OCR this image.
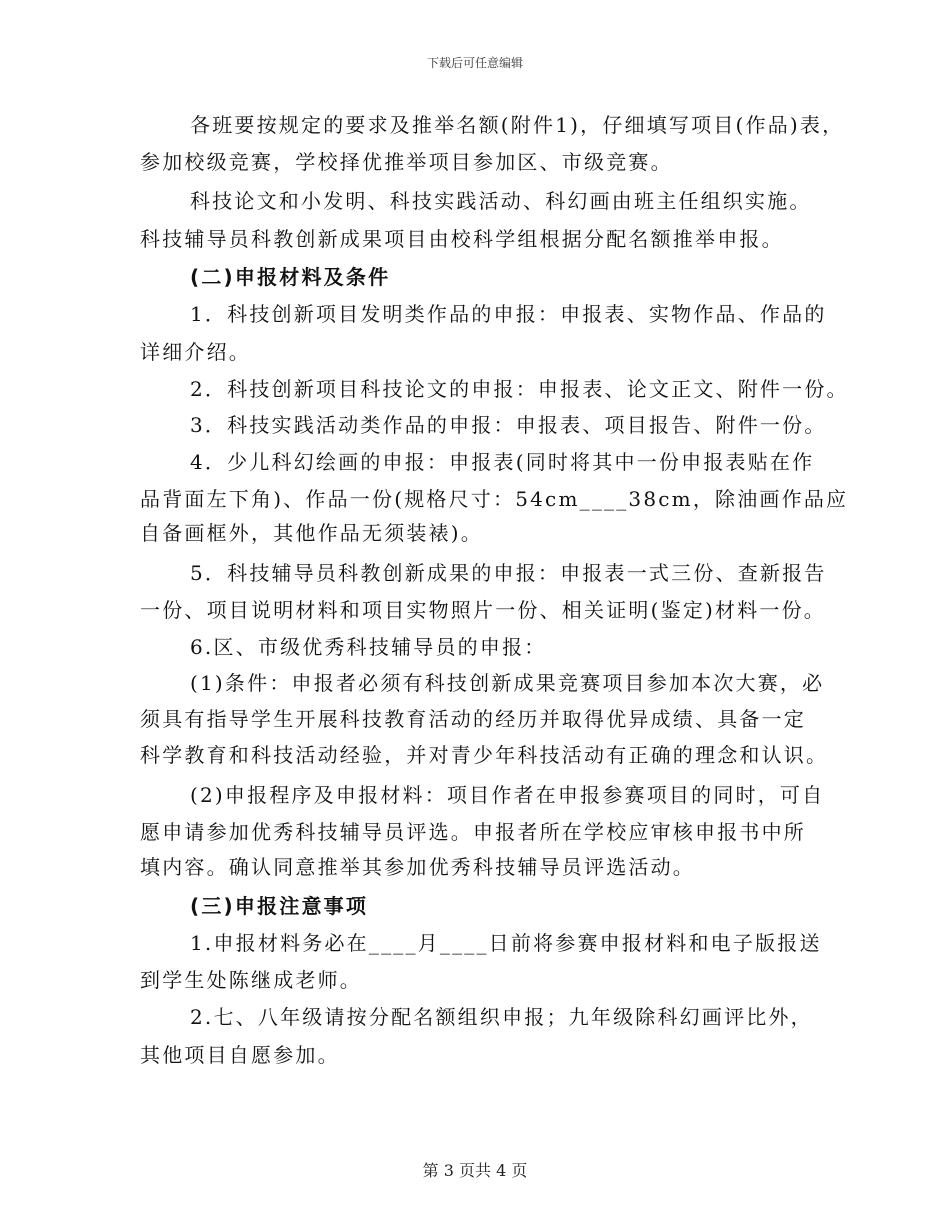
下载后可任意编辑
各班要按规定的要求及推举名额(附件1)，仔细填写项目(作品)表，
参加校级竞赛，学校择优推举项目参加区、市级竞赛。
科技论文和小发明、科技实践活动、科幻画由班主任组织实施。
科技辅导员科教创新成果项目由校科学组根据分配名额推举申报。
(二)申报材料及条件
1．科技创新项目发明类作品的申报：申报表、实物作品、作品的
详细介绍。
2．科技创新项目科技论文的申报：申报表、论文正文、附件一份。
3．科技实践活动类作品的申报：申报表、项目报告、附件一份。
4．少儿科幻绘画的申报：申报表(同时将其中一份申报表贴在作
品背面左下角)、作品一份(规格尺寸：54cm____38cm，除油画作品应
自备画框外，其他作品无须装裱)。
5．科技辅导员科教创新成果的申报：申报表一式三份、查新报告
一份、项目说明材料和项目实物照片一份、相关证明(鉴定)材料一份。
6.区、市级优秀科技辅导员的申报：
(1)条件：申报者必须有科技创新成果竞赛项目参加本次大赛，必
须具有指导学生开展科技教育活动的经历并取得优异成绩、具备一定
科学教育和科技活动经验，并对青少年科技活动有正确的理念和认识。
(2)申报程序及申报材料：项目作者在申报参赛项目的同时，可自
愿申请参加优秀科技辅导员评选。申报者所在学校应审核申报书中所
填内容。确认同意推举其参加优秀科技辅导员评选活动。
(三)申报注意事项
1.申报材料务必在____月____日前将参赛申报材料和电子版报送
到学生处陈继成老师。
2.七、八年级请按分配名额组织申报；九年级除科幻画评比外，
其他项目自愿参加。
第 3 页共 4 页
